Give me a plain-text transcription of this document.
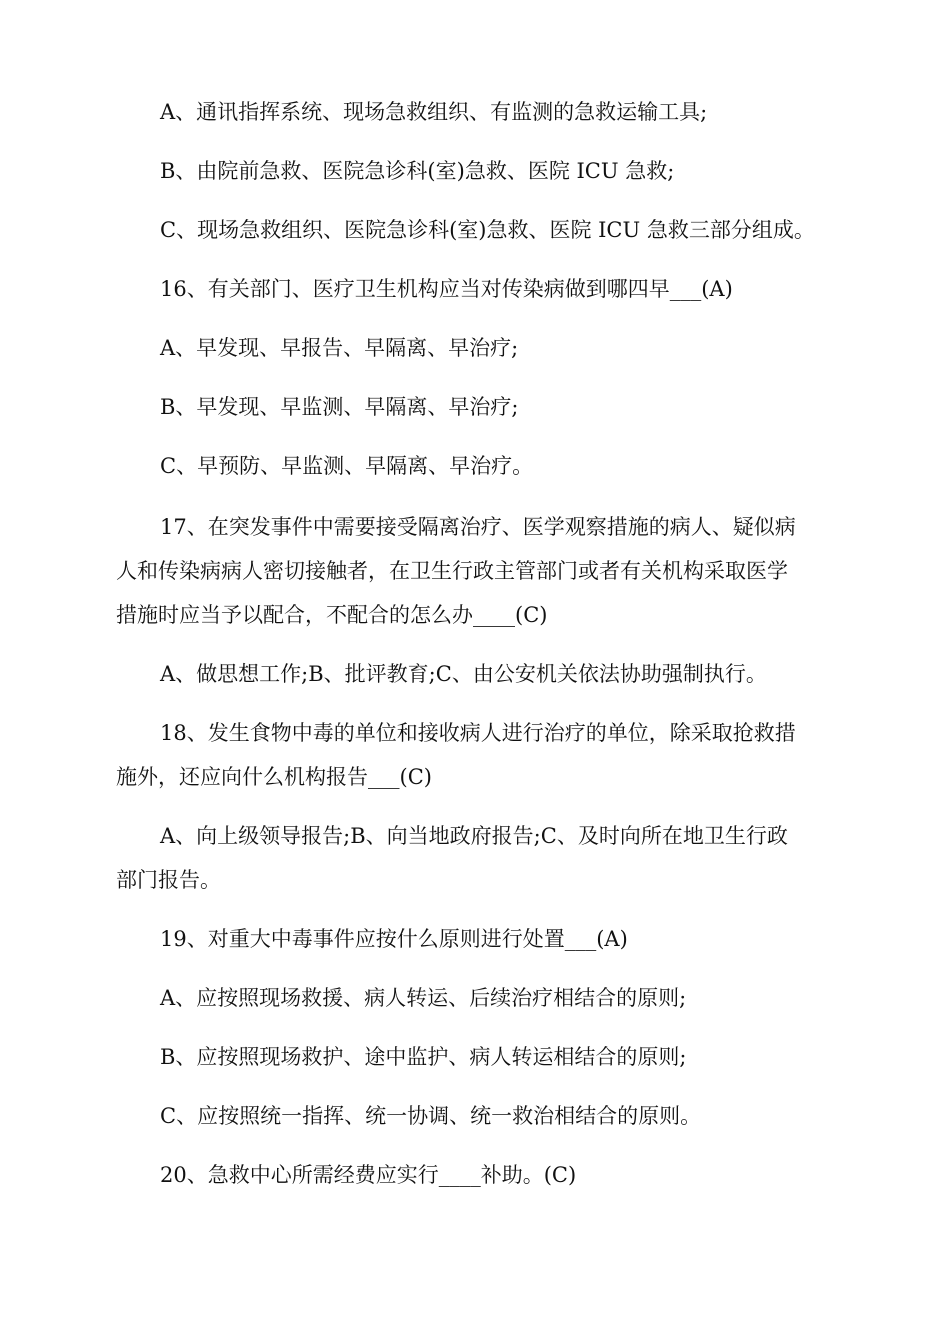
A、通讯指挥系统、现场急救组织、有监测的急救运输工具;
B、由院前急救、医院急诊科(室)急救、医院 ICU 急救;
C、现场急救组织、医院急诊科(室)急救、医院 ICU 急救三部分组成。
16、有关部门、医疗卫生机构应当对传染病做到哪四早___(A)
A、早发现、早报告、早隔离、早治疗;
B、早发现、早监测、早隔离、早治疗;
C、早预防、早监测、早隔离、早治疗。
17、在突发事件中需要接受隔离治疗、医学观察措施的病人、疑似病
人和传染病病人密切接触者，在卫生行政主管部门或者有关机构采取医学
措施时应当予以配合，不配合的怎么办____(C)
A、做思想工作;B、批评教育;C、由公安机关依法协助强制执行。
18、发生食物中毒的单位和接收病人进行治疗的单位，除采取抢救措
施外，还应向什么机构报告___(C)
A、向上级领导报告;B、向当地政府报告;C、及时向所在地卫生行政
部门报告。
19、对重大中毒事件应按什么原则进行处置___(A)
A、应按照现场救援、病人转运、后续治疗相结合的原则;
B、应按照现场救护、途中监护、病人转运相结合的原则;
C、应按照统一指挥、统一协调、统一救治相结合的原则。
20、急救中心所需经费应实行____补助。(C)
